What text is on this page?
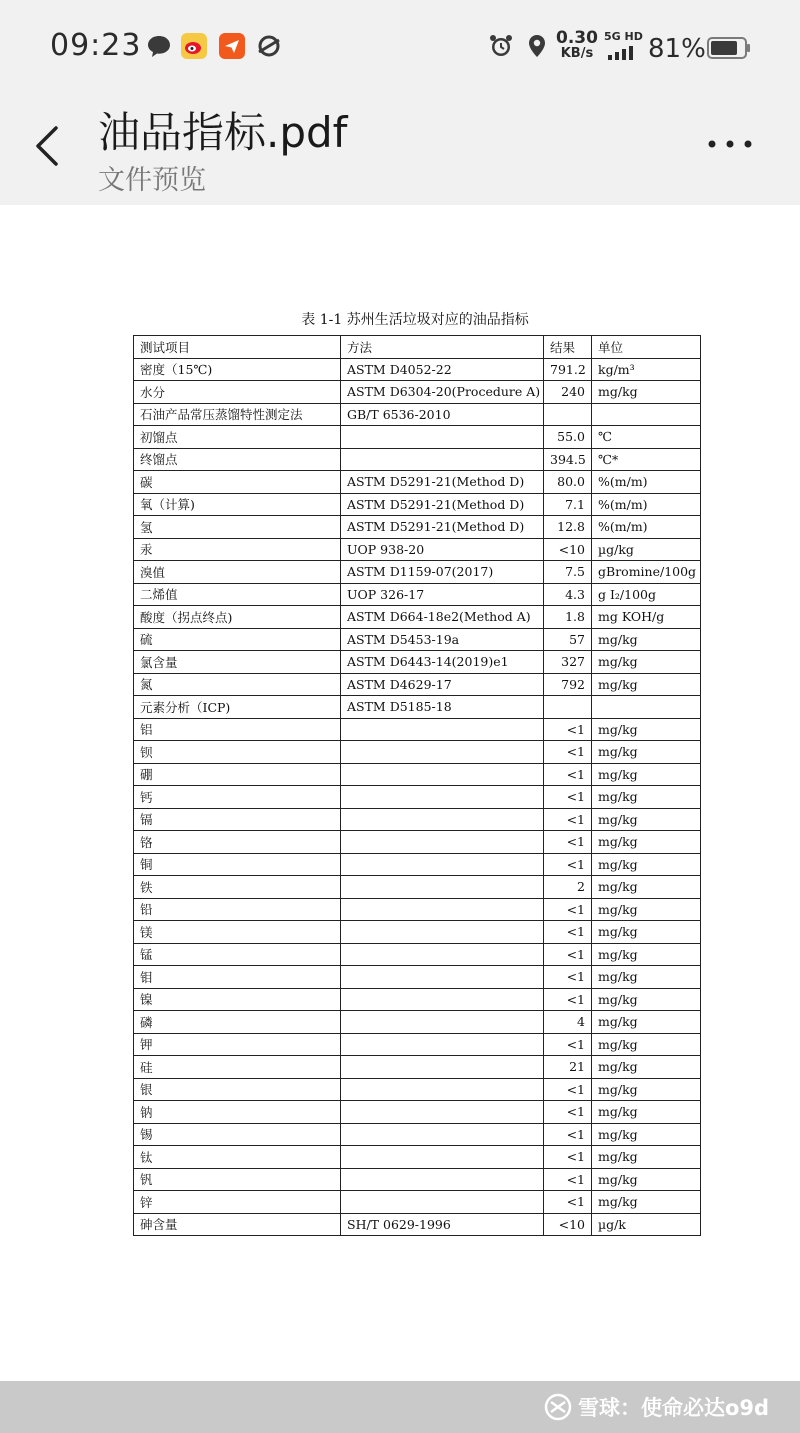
09:23	0.30
KB/s
5G HD 81%
油品指标.pdf
文件预览
表 1-1 苏州生活垃圾对应的油品指标
测试项目	方法	结果	单位
密度（15℃)	ASTM D4052-22	791.2	kg/m³
水分	ASTM D6304-20(Procedure A)	240	mg/kg
石油产品常压蒸馏特性测定法	GB/T 6536-2010		
初馏点		55.0	℃
终馏点		394.5	℃*
碳	ASTM D5291-21(Method D)	80.0	%(m/m)
氧（计算)	ASTM D5291-21(Method D)	7.1	%(m/m)
氢	ASTM D5291-21(Method D)	12.8	%(m/m)
汞	UOP 938-20	<10	µg/kg
溴值	ASTM D1159-07(2017)	7.5	gBromine/100g
二烯值	UOP 326-17	4.3	g I₂/100g
酸度（拐点终点)	ASTM D664-18e2(Method A)	1.8	mg KOH/g
硫	ASTM D5453-19a	57	mg/kg
氯含量	ASTM D6443-14(2019)e1	327	mg/kg
氮	ASTM D4629-17	792	mg/kg
元素分析（ICP)	ASTM D5185-18		
铝		<1	mg/kg
钡		<1	mg/kg
硼		<1	mg/kg
钙		<1	mg/kg
镉		<1	mg/kg
铬		<1	mg/kg
铜		<1	mg/kg
铁		2	mg/kg
铅		<1	mg/kg
镁		<1	mg/kg
锰		<1	mg/kg
钼		<1	mg/kg
镍		<1	mg/kg
磷		4	mg/kg
钾		<1	mg/kg
硅		21	mg/kg
银		<1	mg/kg
钠		<1	mg/kg
锡		<1	mg/kg
钛		<1	mg/kg
钒		<1	mg/kg
锌		<1	mg/kg
砷含量	SH/T 0629-1996	<10	µg/k
雪球：使命必达o9d
